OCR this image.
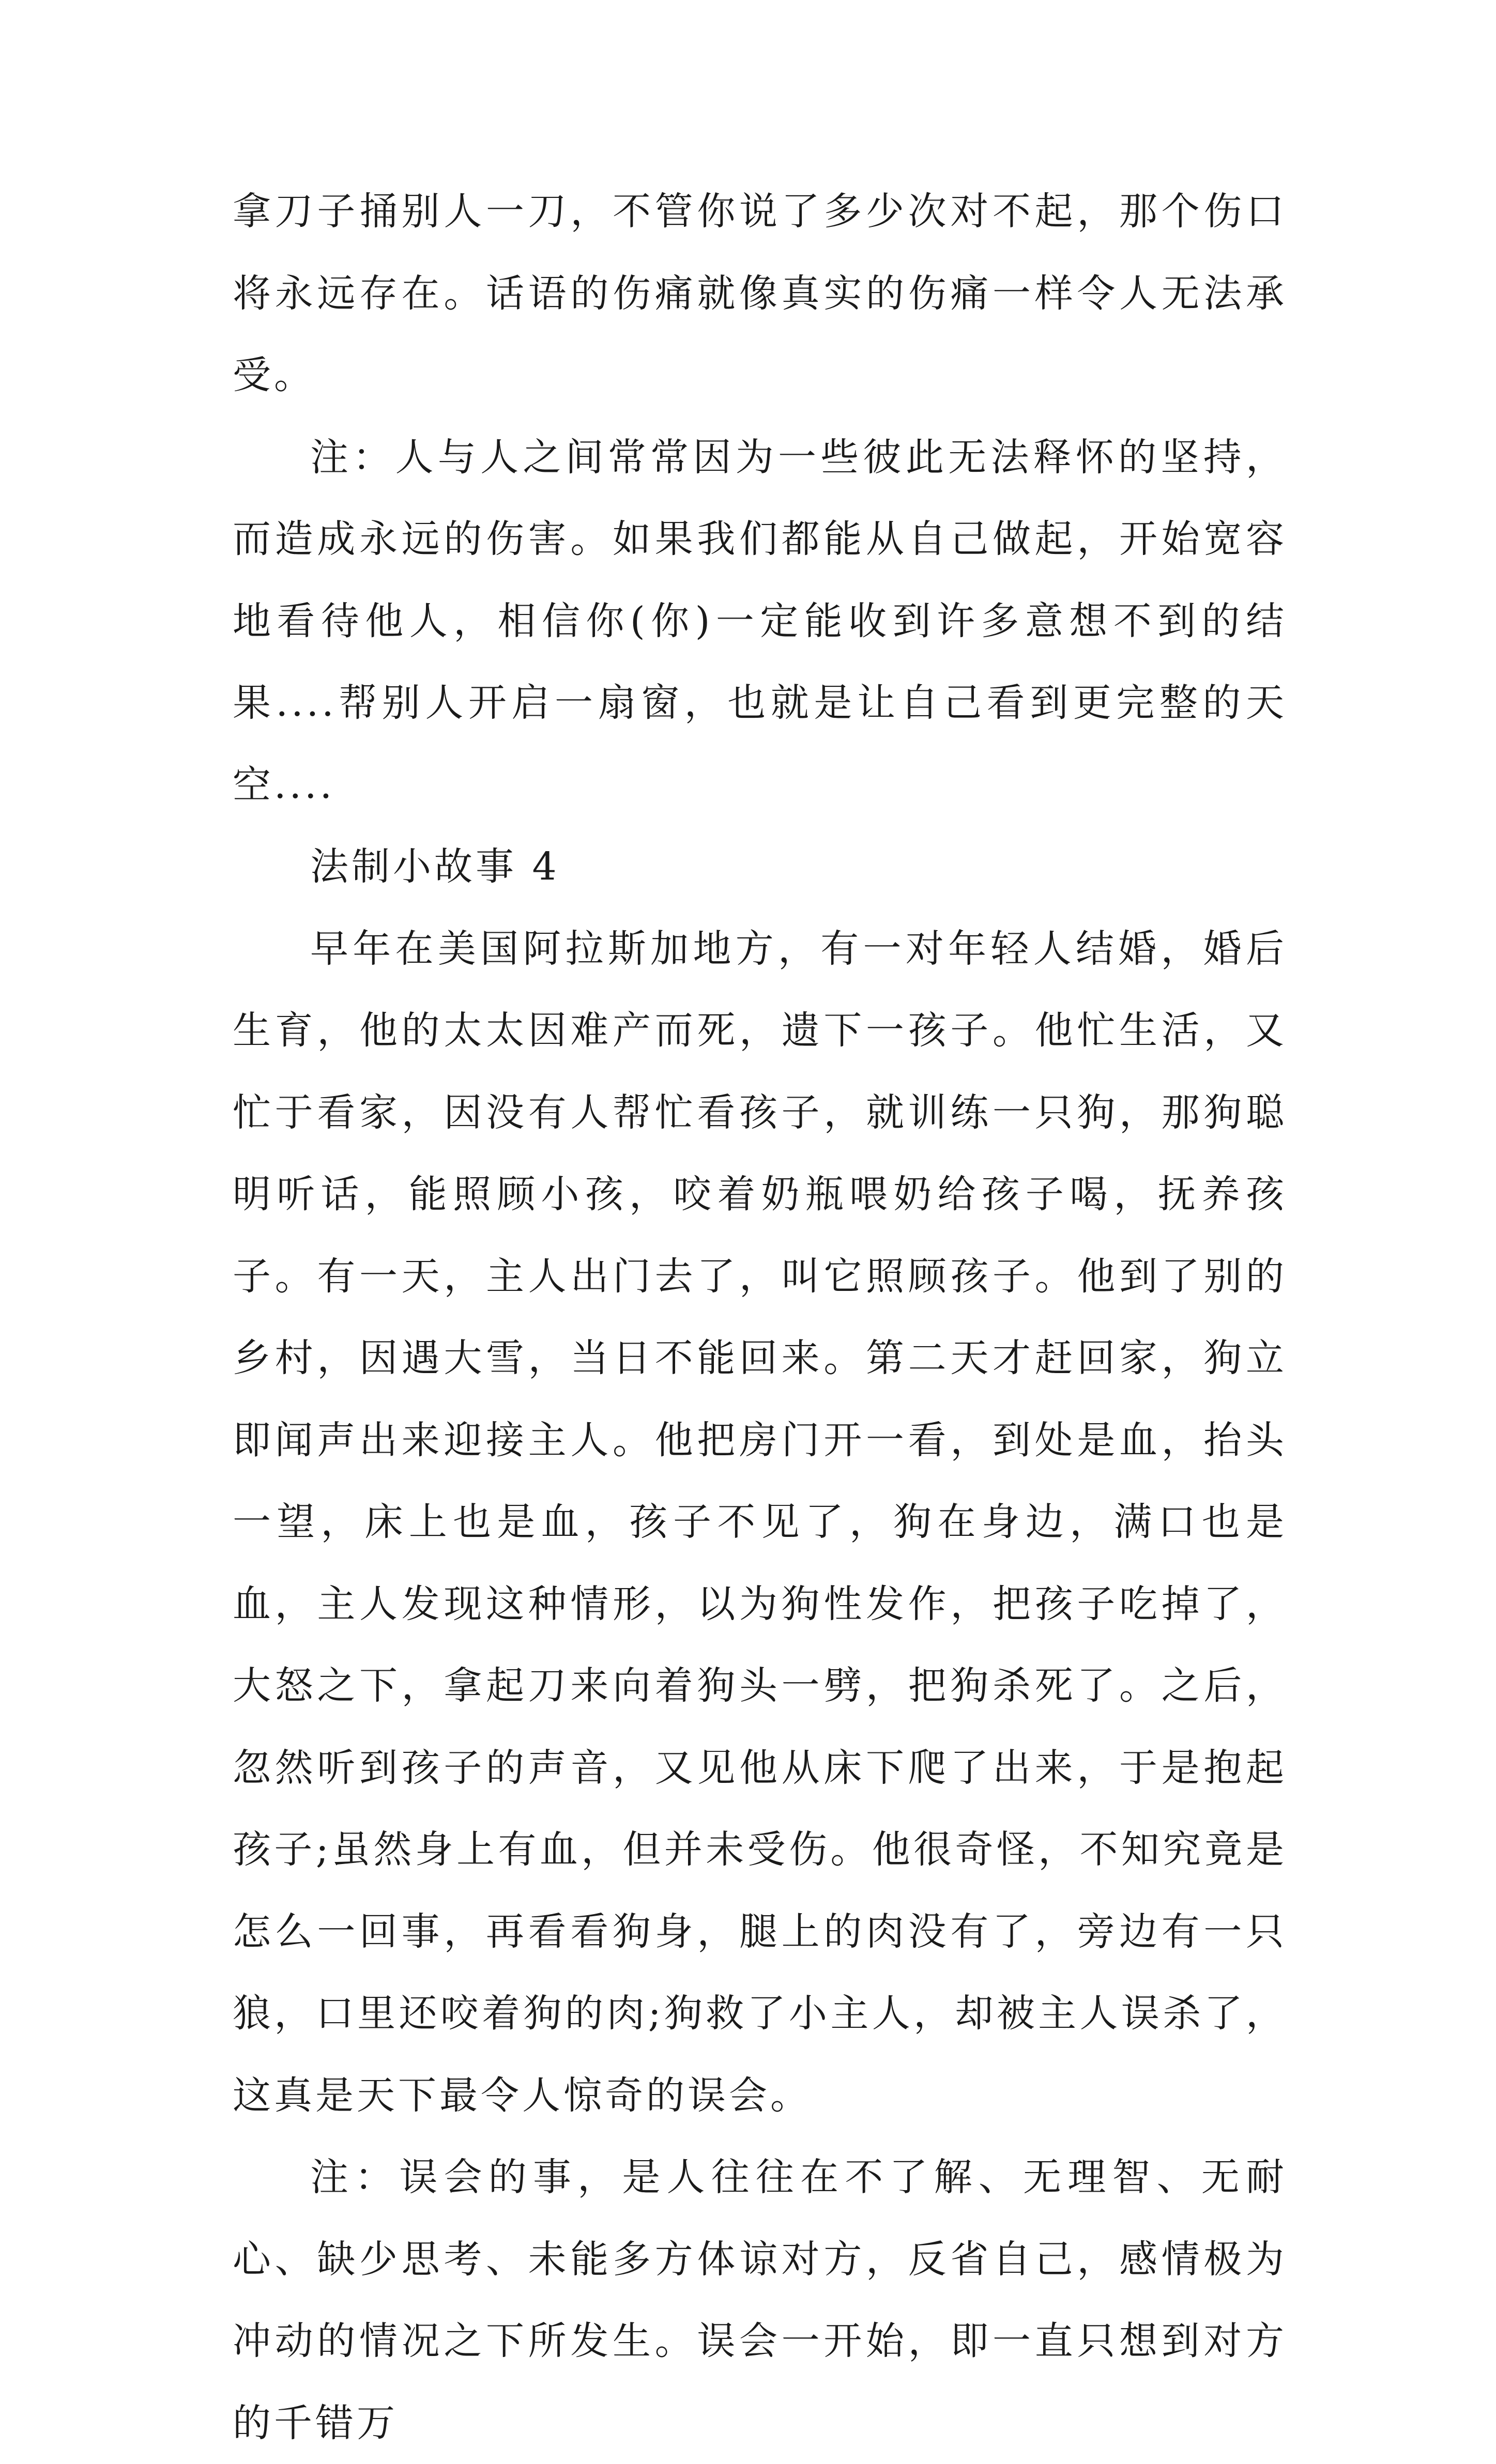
拿刀子捅别人一刀，不管你说了多少次对不起，那个伤口将永远存在。话语的伤痛就像真实的伤痛一样令人无法承受。

注：人与人之间常常因为一些彼此无法释怀的坚持，而造成永远的伤害。如果我们都能从自己做起，开始宽容地看待他人，相信你(你)一定能收到许多意想不到的结果....帮别人开启一扇窗，也就是让自己看到更完整的天空....

法制小故事 4

早年在美国阿拉斯加地方，有一对年轻人结婚，婚后生育，他的太太因难产而死，遗下一孩子。他忙生活，又忙于看家，因没有人帮忙看孩子，就训练一只狗，那狗聪明听话，能照顾小孩，咬着奶瓶喂奶给孩子喝，抚养孩子。有一天，主人出门去了，叫它照顾孩子。他到了别的乡村，因遇大雪，当日不能回来。第二天才赶回家，狗立即闻声出来迎接主人。他把房门开一看，到处是血，抬头一望，床上也是血，孩子不见了，狗在身边，满口也是血，主人发现这种情形，以为狗性发作，把孩子吃掉了，大怒之下，拿起刀来向着狗头一劈，把狗杀死了。之后，忽然听到孩子的声音，又见他从床下爬了出来，于是抱起孩子;虽然身上有血，但并未受伤。他很奇怪，不知究竟是怎么一回事，再看看狗身，腿上的肉没有了，旁边有一只狼，口里还咬着狗的肉;狗救了小主人，却被主人误杀了，这真是天下最令人惊奇的误会。

注：误会的事，是人往往在不了解、无理智、无耐心、缺少思考、未能多方体谅对方，反省自己，感情极为冲动的情况之下所发生。误会一开始，即一直只想到对方的千错万
